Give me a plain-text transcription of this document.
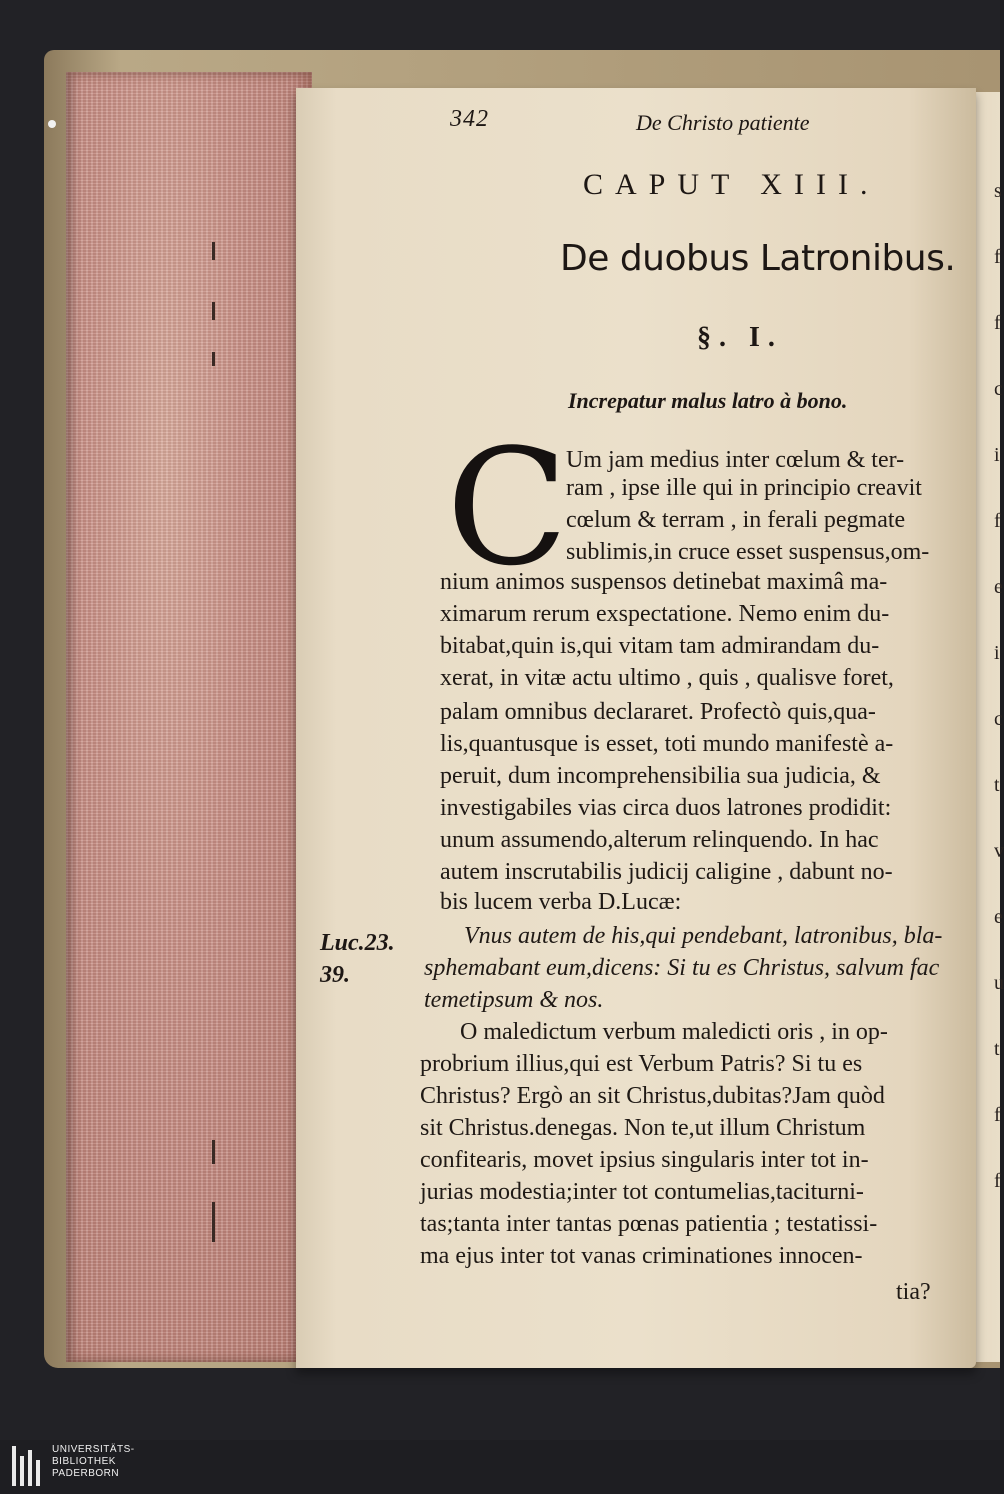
s
f
f
c
i
f
e
i
c
t
v
e
u
t
f
f
342	De Christo patiente
CAPUT XIII.
De duobus Latronibus.
§. I.
Increpatur malus latro à bono.
C
Um jam medius inter cœlum & ter-
ram , ipse ille qui in principio creavit
cœlum & terram , in ferali pegmate
sublimis,in cruce esset suspensus,om-
nium animos suspensos detinebat maximâ ma-
ximarum rerum exspectatione. Nemo enim du-
bitabat,quin is,qui vitam tam admirandam du-
xerat, in vitæ actu ultimo , quis , qualisve foret,
palam omnibus declararet. Profectò quis,qua-
lis,quantusque is esset, toti mundo manifestè a-
peruit, dum incomprehensibilia sua judicia, &
investigabiles vias circa duos latrones prodidit:
unum assumendo,alterum relinquendo. In hac
autem inscrutabilis judicij caligine , dabunt no-
bis lucem verba D.Lucæ:
Vnus autem de his,qui pendebant, latronibus, bla-
sphemabant eum,dicens: Si tu es Christus, salvum fac
temetipsum & nos.
O maledictum verbum maledicti oris , in op-
probrium illius,qui est Verbum Patris? Si tu es
Christus? Ergò an sit Christus,dubitas?Jam quòd
sit Christus.denegas. Non te,ut illum Christum
confitearis, movet ipsius singularis inter tot in-
jurias modestia;inter tot contumelias,taciturni-
tas;tanta inter tantas pœnas patientia ; testatissi-
ma ejus inter tot vanas criminationes innocen-
tia?
Luc.23.
39.
UNIVERSITÄTS-
BIBLIOTHEK
PADERBORN
